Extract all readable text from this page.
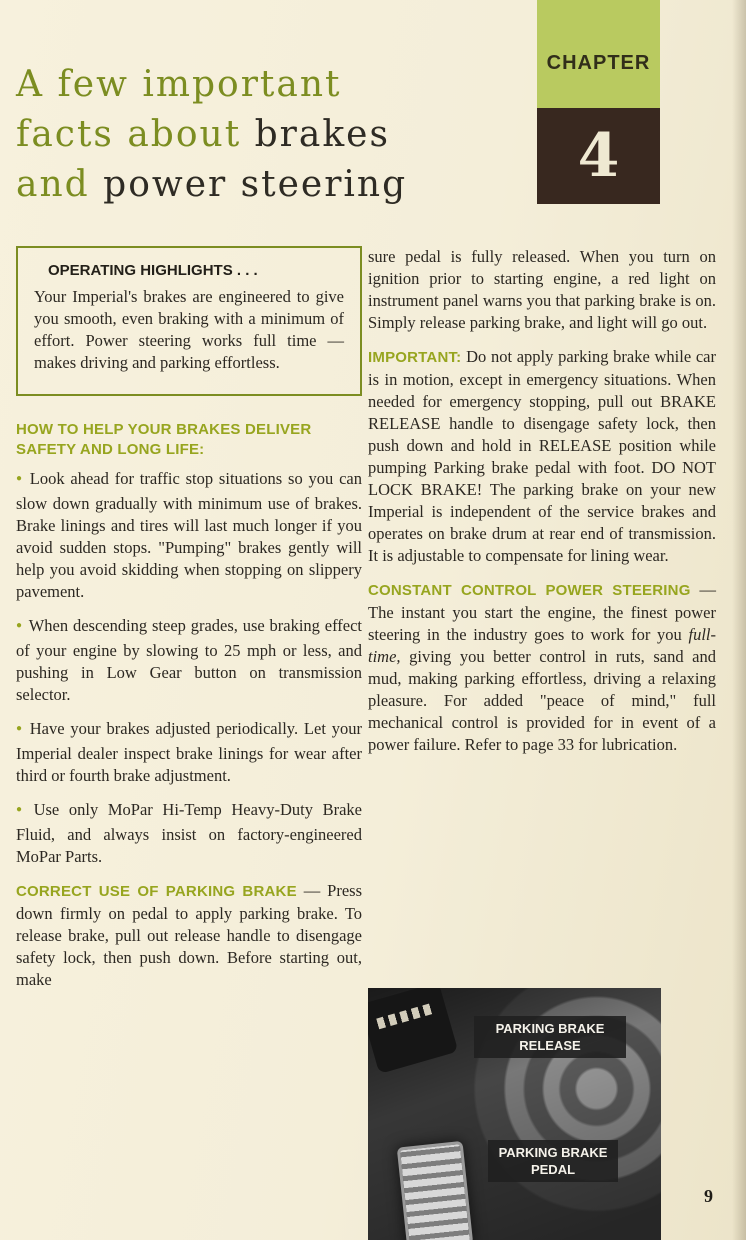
A few important
facts about brakes
and power steering
CHAPTER
4

OPERATING HIGHLIGHTS . . .

Your Imperial's brakes are engineered to give you smooth, even braking with a minimum of effort. Power steering works full time — makes driving and parking effortless.

HOW TO HELP YOUR BRAKES DELIVER SAFETY AND LONG LIFE:

● Look ahead for traffic stop situations so you can slow down gradually with minimum use of brakes. Brake linings and tires will last much longer if you avoid sudden stops. "Pumping" brakes gently will help you avoid skidding when stopping on slippery pavement.

● When descending steep grades, use braking effect of your engine by slowing to 25 mph or less, and pushing in Low Gear button on transmission selector.

● Have your brakes adjusted periodically. Let your Imperial dealer inspect brake linings for wear after third or fourth brake adjustment.

● Use only MoPar Hi-Temp Heavy-Duty Brake Fluid, and always insist on factory-engineered MoPar Parts.

CORRECT USE OF PARKING BRAKE — Press down firmly on pedal to apply parking brake. To release brake, pull out release handle to disengage safety lock, then push down. Before starting out, make

sure pedal is fully released. When you turn on ignition prior to starting engine, a red light on instrument panel warns you that parking brake is on. Simply release parking brake, and light will go out.

IMPORTANT: Do not apply parking brake while car is in motion, except in emergency situations. When needed for emergency stopping, pull out BRAKE RELEASE handle to disengage safety lock, then push down and hold in RELEASE position while pumping Parking brake pedal with foot. DO NOT LOCK BRAKE! The parking brake on your new Imperial is independent of the service brakes and operates on brake drum at rear end of transmission. It is adjustable to compensate for lining wear.

CONSTANT CONTROL POWER STEERING — The instant you start the engine, the finest power steering in the industry goes to work for you full-time, giving you better control in ruts, sand and mud, making parking effortless, driving a relaxing pleasure. For added "peace of mind," full mechanical control is provided for in event of a power failure. Refer to page 33 for lubrication.

PARKING BRAKE RELEASE
PARKING BRAKE PEDAL
9
